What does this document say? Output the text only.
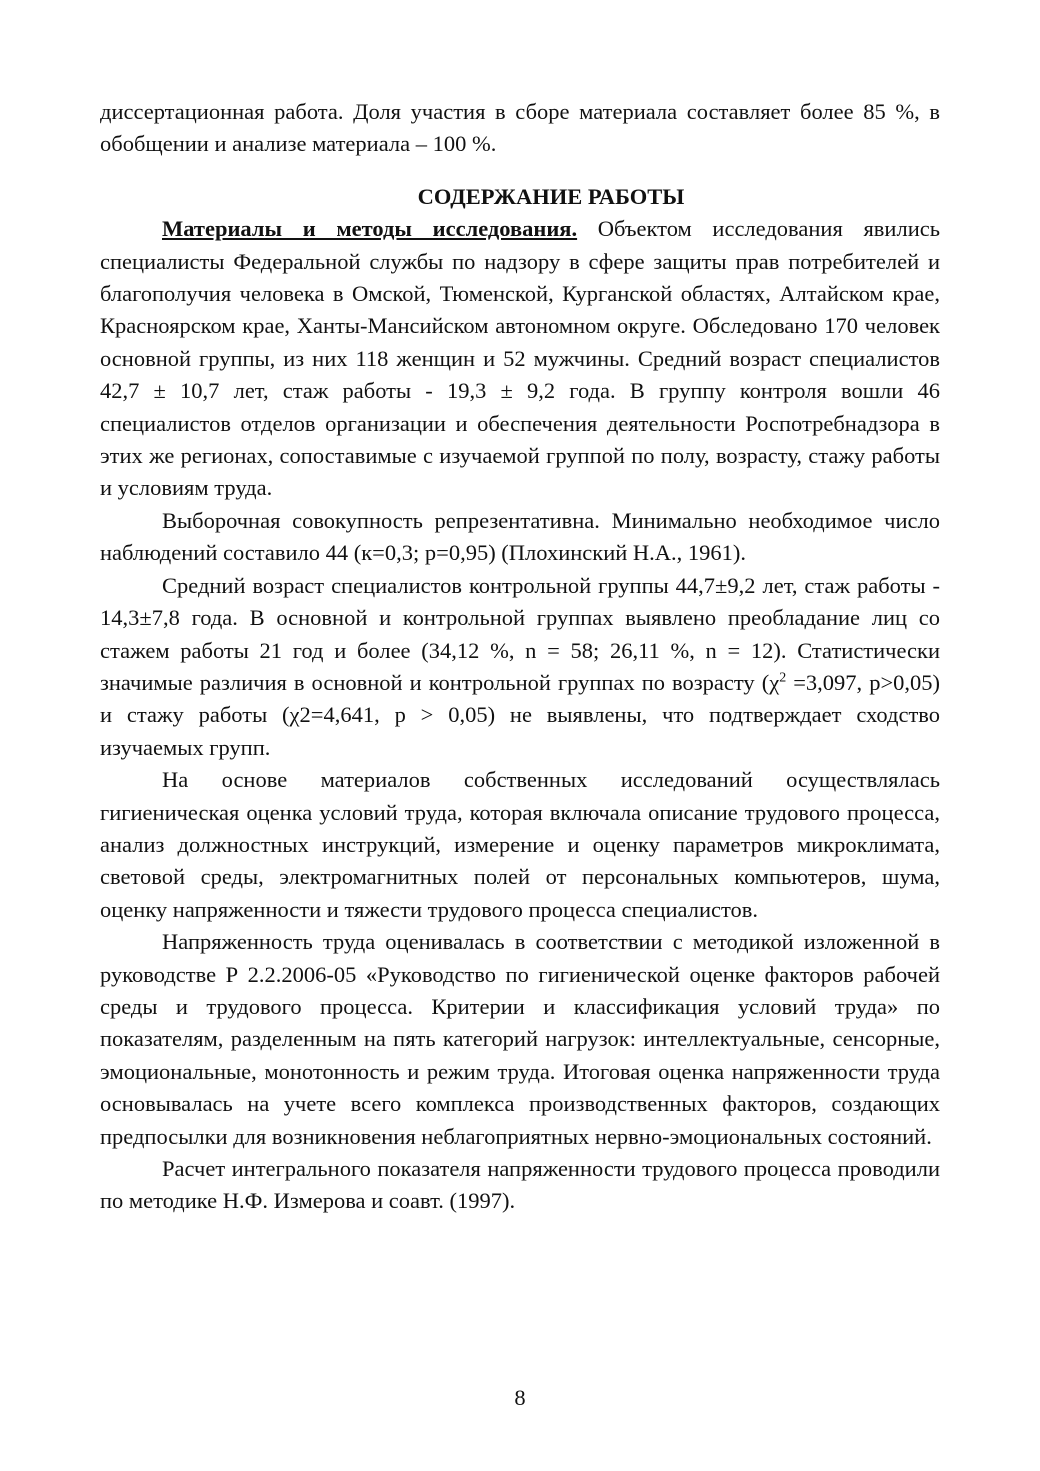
диссертационная работа. Доля участия в сборе материала составляет более 85 %, в обобщении и анализе материала – 100 %.

СОДЕРЖАНИЕ РАБОТЫ

Материалы и методы исследования. Объектом исследования явились специалисты Федеральной службы по надзору в сфере защиты прав потребителей и благополучия человека в Омской, Тюменской, Курганской областях, Алтайском крае, Красноярском крае, Ханты-Мансийском автономном округе. Обследовано 170 человек основной группы, из них 118 женщин и 52 мужчины. Средний возраст специалистов 42,7 ± 10,7 лет, стаж работы - 19,3 ± 9,2 года. В группу контроля вошли 46 специалистов отделов организации и обеспечения деятельности Роспотребнадзора в этих же регионах, сопоставимые с изучаемой группой по полу, возрасту, стажу работы и условиям труда.

Выборочная совокупность репрезентативна. Минимально необходимое число наблюдений составило 44 (к=0,3; р=0,95) (Плохинский Н.А., 1961).

Средний возраст специалистов контрольной группы 44,7±9,2 лет, стаж работы - 14,3±7,8 года. В основной и контрольной группах выявлено преобладание лиц со стажем работы 21 год и более (34,12 %, n = 58; 26,11 %, n = 12). Статистически значимые различия в основной и контрольной группах по возрасту ($\chi^2 =3,097$, p>0,05) и стажу работы (χ2=4,641, p > 0,05) не выявлены, что подтверждает сходство изучаемых групп.

На основе материалов собственных исследований осуществлялась гигиеническая оценка условий труда, которая включала описание трудового процесса, анализ должностных инструкций, измерение и оценку параметров микроклимата, световой среды, электромагнитных полей от персональных компьютеров, шума, оценку напряженности и тяжести трудового процесса специалистов.

Напряженность труда оценивалась в соответствии с методикой изложенной в руководстве Р 2.2.2006-05 «Руководство по гигиенической оценке факторов рабочей среды и трудового процесса. Критерии и классификация условий труда» по показателям, разделенным на пять категорий нагрузок: интеллектуальные, сенсорные, эмоциональные, монотонность и режим труда. Итоговая оценка напряженности труда основывалась на учете всего комплекса производственных факторов, создающих предпосылки для возникновения неблагоприятных нервно-эмоциональных состояний.

Расчет интегрального показателя напряженности трудового процесса проводили по методике Н.Ф. Измерова и соавт. (1997).

8
